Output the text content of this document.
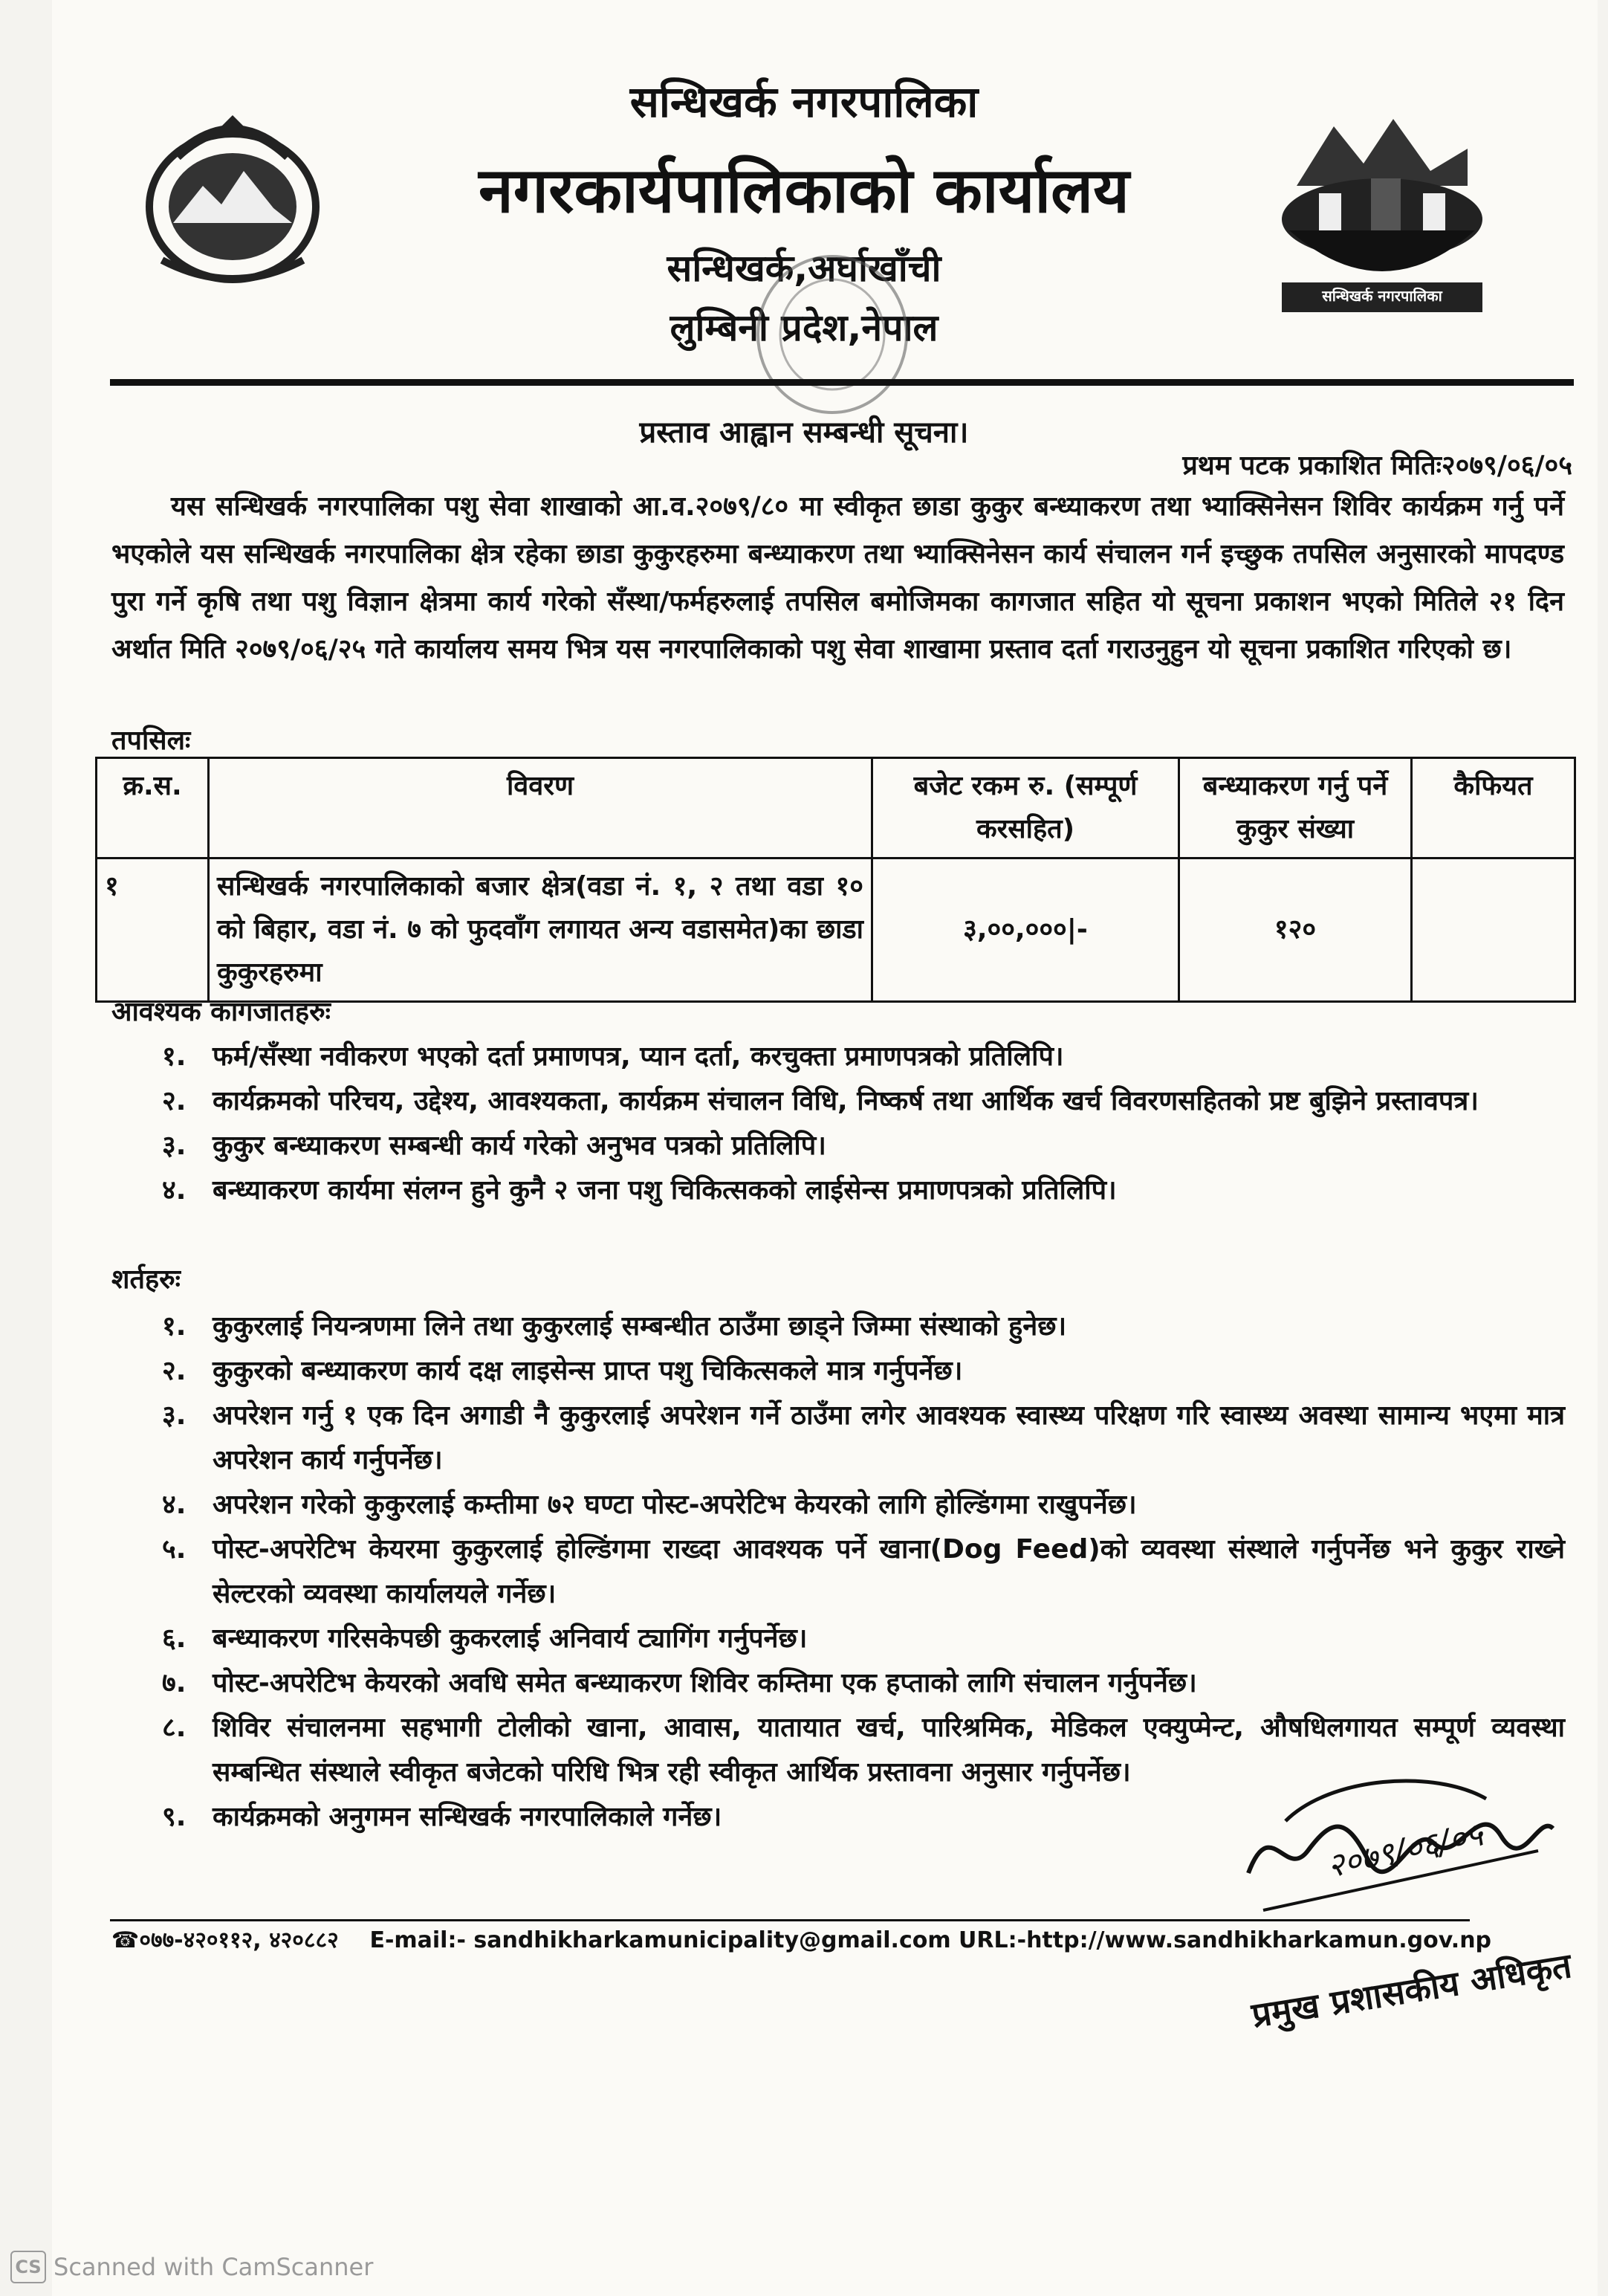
सन्धिखर्क नगरपालिका
सन्धिखर्क नगरपालिका
नगरकार्यपालिकाको कार्यालय
सन्धिखर्क,अर्घाखाँची
लुम्बिनी प्रदेश,नेपाल
प्रस्ताव आह्वान सम्बन्धी सूचना।
प्रथम पटक प्रकाशित मितिः२०७९/०६/०५
यस सन्धिखर्क नगरपालिका पशु सेवा शाखाको आ.व.२०७९/८० मा स्वीकृत छाडा कुकुर बन्ध्याकरण तथा भ्याक्सिनेसन शिविर कार्यक्रम गर्नु पर्ने भएकोले यस सन्धिखर्क नगरपालिका क्षेत्र रहेका छाडा कुकुरहरुमा बन्ध्याकरण तथा भ्याक्सिनेसन कार्य संचालन गर्न इच्छुक तपसिल अनुसारको मापदण्ड पुरा गर्ने कृषि तथा पशु विज्ञान क्षेत्रमा कार्य गरेको सँस्था/फर्महरुलाई तपसिल बमोजिमका कागजात सहित यो सूचना प्रकाशन भएको मितिले २१ दिन अर्थात मिति २०७९/०६/२५ गते कार्यालय समय भित्र यस नगरपालिकाको पशु सेवा शाखामा प्रस्ताव दर्ता गराउनुहुन यो सूचना प्रकाशित गरिएको छ।
तपसिलः
क्र.स.	विवरण	बजेट रकम रु. (सम्पूर्ण करसहित)	बन्ध्याकरण गर्नु पर्ने कुकुर संख्या	कैफियत
१	सन्धिखर्क नगरपालिकाको बजार क्षेत्र(वडा नं. १, २ तथा वडा १० को बिहार, वडा नं. ७ को फुदवाँग लगायत अन्य वडासमेत)का छाडा कुकुरहरुमा	३,००,०००|-	१२०	
आवश्यक कागजातहरुः
१. फर्म/सँस्था नवीकरण भएको दर्ता प्रमाणपत्र, प्यान दर्ता, करचुक्ता प्रमाणपत्रको प्रतिलिपि।
२. कार्यक्रमको परिचय, उद्देश्य, आवश्यकता, कार्यक्रम संचालन विधि, निष्कर्ष तथा आर्थिक खर्च विवरणसहितको प्रष्ट बुझिने प्रस्तावपत्र।
३. कुकुर बन्ध्याकरण सम्बन्धी कार्य गरेको अनुभव पत्रको प्रतिलिपि।
४. बन्ध्याकरण कार्यमा संलग्न हुने कुनै २ जना पशु चिकित्सकको लाईसेन्स प्रमाणपत्रको प्रतिलिपि।
शर्तहरुः
१. कुकुरलाई नियन्त्रणमा लिने तथा कुकुरलाई सम्बन्धीत ठाउँमा छाड्ने जिम्मा संस्थाको हुनेछ।
२. कुकुरको बन्ध्याकरण कार्य दक्ष लाइसेन्स प्राप्त पशु चिकित्सकले मात्र गर्नुपर्नेछ।
३. अपरेशन गर्नु १ एक दिन अगाडी नै कुकुरलाई अपरेशन गर्ने ठाउँमा लगेर आवश्यक स्वास्थ्य परिक्षण गरि स्वास्थ्य अवस्था सामान्य भएमा मात्र अपरेशन कार्य गर्नुपर्नेछ।
४. अपरेशन गरेको कुकुरलाई कम्तीमा ७२ घण्टा पोस्ट-अपरेटिभ केयरको लागि होल्डिंगमा राखुपर्नेछ।
५. पोस्ट-अपरेटिभ केयरमा कुकुरलाई होल्डिंगमा राख्दा आवश्यक पर्ने खाना(Dog Feed)को व्यवस्था संस्थाले गर्नुपर्नेछ भने कुकुर राख्ने सेल्टरको व्यवस्था कार्यालयले गर्नेछ।
६. बन्ध्याकरण गरिसकेपछी कुकरलाई अनिवार्य ट्यागिंग गर्नुपर्नेछ।
७. पोस्ट-अपरेटिभ केयरको अवधि समेत बन्ध्याकरण शिविर कम्तिमा एक हप्ताको लागि संचालन गर्नुपर्नेछ।
८. शिविर संचालनमा सहभागी टोलीको खाना, आवास, यातायात खर्च, पारिश्रमिक, मेडिकल एक्युप्मेन्ट, औषधिलगायत सम्पूर्ण व्यवस्था सम्बन्धित संस्थाले स्वीकृत बजेटको परिधि भित्र रही स्वीकृत आर्थिक प्रस्तावना अनुसार गर्नुपर्नेछ।
९. कार्यक्रमको अनुगमन सन्धिखर्क नगरपालिकाले गर्नेछ।	२०७९/०६/०५
☎०७७-४२०११२, ४२०८८२ E-mail:- sandhikharkamunicipality@gmail.com URL:-http://www.sandhikharkamun.gov.np
प्रमुख प्रशासकीय अधिकृत
CS Scanned with CamScanner
